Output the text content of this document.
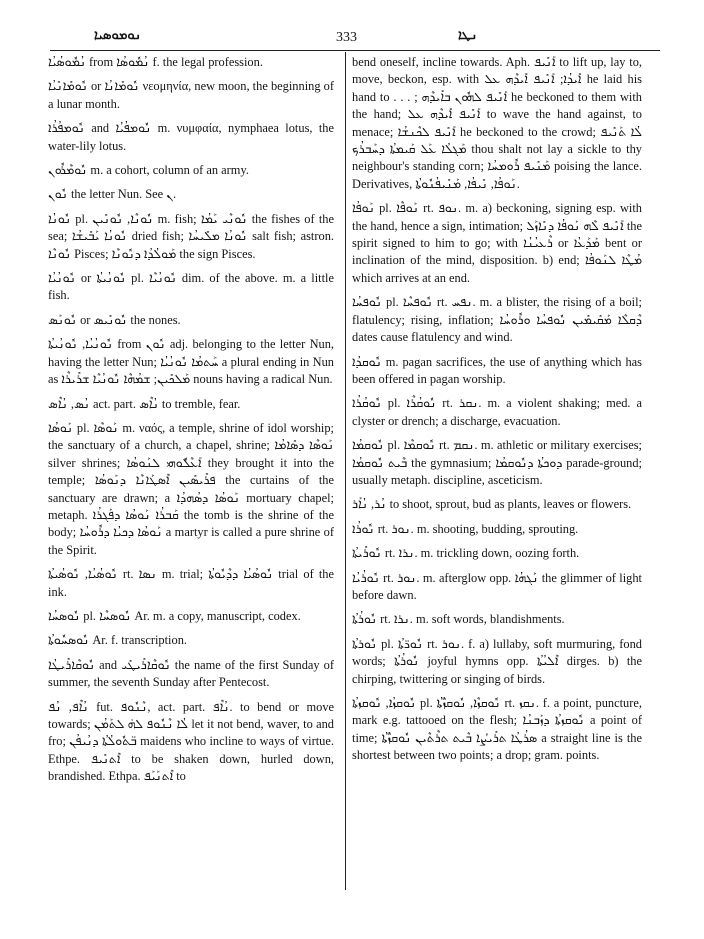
ܢܘܡܘܣܝܐ	333	ܢܛܐ

ܢܳܡܽܘܣܳܝܳܐ from ܢܳܡܽܘܣܳܐ f. the legal profession.

ܢܽܘܡܺܐܢܺܝܳܐ or ܢܽܘܡܺܐܢܳܐ νεομηνία, new moon, the beginning of a lunar month.

ܢܽܘܡܦܳܪܳܐ and ܢܽܘܡܦܳܝܳܐ m. νυμφαία, nymphaea lotus, the water-lily lotus.

ܢܽܘܡܶܪܽܘܢ m. a cohort, column of an army.

ܢܽܘܢ the letter Nun. See ܢ.

ܢܽܘܢܳܐ pl. ܢܽܘܢܶܐ, ܢܽܘܢܺܝܢ m. fish; ܢܽܘܢܶܝ ܝܰܡܳܐ the fishes of the sea; ܢܽܘܢܳܐ ܝܰܒܺܝܫܳܐ dried fish; ܢܽܘܢܳܐ ܡܠܺܝܚܳܐ salt fish; astron. ܢܽܘܢܶܐ Pisces; ܡܰܘܠܳܕܳܐ ܕܢܽܘܢܶܐ the sign Pisces.

ܢܽܘܢܳܝܳܐ or ܢܽܘܢܳܝܬܳܐ pl. ܢܽܘܢܳܝܶܐ dim. of the above. m. a little fish.

ܢܽܘܢܰܣ or ܢܽܘܢܺܝܣ the nones.

ܢܽܘܢܳܝܳܐ, ܢܽܘܢܳܝܬܳܐ from ܢܽܘܢ adj. belonging to the letter Nun, having the letter Nun; ܚܰܬܡܳܐ ܢܽܘܢܳܝܳܐ a plural ending in Nun as ܡܰܠܟܺܝܢ; ܫܡܳܗܶܐ ܢܽܘܢܳܝܶܐ ܫܪܺܝܪܶܐ nouns having a radical Nun.

ܢܳܣ, ܢܳܐܶܣ act. part. ܢܳܐܶܣ to tremble, fear.

ܢܰܘܣܳܐ pl. ܢܰܘܣܶܐ m. ναός, a temple, shrine of idol worship; the sanctuary of a church, a chapel, shrine; ܢܰܘܣܶܐ ܕܣܺܐܡܳܐ silver shrines; ܐܰܥܶܠܽܘܗܝ ܠܢܰܘܣܳܐ they brought it into the temple; ܦܪܺܝܣܺܝܢ ܐܶܣܛܰܐܢܶܐ ܕܢܰܘܣܳܐ the curtains of the sanctuary are drawn; a ܢܰܘܣܳܐ ܕܣܳܗܕܳܐ mortuary chapel; metaph. ܩܰܒܪܳܐ ܢܰܘܣܳܐ ܕܦܰܓܪܳܐ the tomb is the shrine of the body; ܢܰܘܣܳܐ ܕܟܝܳܐ ܕܪܽܘܚܳܐ a martyr is called a pure shrine of the Spirit.

ܢܽܘܣܳܝܳܐ, ܢܽܘܣܳܝܬܳܐ rt. ܢܣܐ m. trial; ܢܽܘܣܳܝܳܐ ܕܕܶܝܽܘܬܳܐ trial of the ink.

ܢܽܘܣܚܳܐ pl. ܢܽܘܣܚܶܐ Ar. m. a copy, manuscript, codex.

ܢܽܘܣܚܽܘܬܳܐ Ar. f. transcription.

ܢܽܘܩܶܐܪܺܝܛܳܐ and ܢܽܘܩܶܐܪܺܝܛܺܝ the name of the first Sunday of summer, the seventh Sunday after Pentecost.

ܢܳܐܶܦ, ܢܳܦ fut. ܢܶܢܽܘܦ, act. part. ܢܳܐܶܦ. to bend or move towards; ܠܳܐ ܢܶܢܽܘܦ ܠܗ̇ ܠܬܰܡܳܢ let it not bend, waver, to and fro; ܒ̈ܬܽܘܠܳܬܳܐ ܕܢܳܝܦܳܢ maidens who incline to ways of virtue. Ethpe. ܐܶܬܢܺܝܦ to be shaken down, hurled down, brandished. Ethpa. ܐܶܬܢܰܝܰܦ to

bend oneself, incline towards. Aph. ܐܰܢܺܝܦ to lift up, lay to, move, beckon, esp. with ܐܺܝܕܳܐ; ܐܰܢܺܝܦ ܐܺܝܕܶܗ ܥܠ he laid his hand to . . . ; ܐܰܢܺܝܦ ܠܗܽܘܢ ܒܐܺܝܕܶܗ he beckoned to them with the hand; ܐܰܢܺܝܦ ܐܺܝܕܶܗ ܥܠ to wave the hand against, to menace; ܐܰܢܺܝܦ ܠܟܶܢܫܳܐ he beckoned to the crowd; ܠܳܐ ܬܰܢܺܝܦ ܡܰܓܠܳܐ ܥܰܠ ܩܰܝܡܬܳܐ ܕܚܰܒܪܳܟ thou shalt not lay a sickle to thy neighbour's standing corn; ܡܰܢܺܝܦ ܪܽܘܡܚܳܐ poising the lance. Derivatives, ܢܰܘܦܳܐ, ܢܺܝܦܳܐ, ܡܰܢܺܝܦܳܢܽܘܬܳܐ.

ܢܰܘܦܳܐ pl. ܢܰܘܦܶܐ rt. ܢܘܦ. m. a) beckoning, signing esp. with the hand, hence a sign, intimation; ܐܰܢܺܝܦ ܠܶܗ ܢܰܘܦܳܐ ܕܢܺܐܙܰܠ the spirit signed to him to go; with ܪܶܥܝܳܢܳܐ or ܡܰܕܰܥܳܐ bent or inclination of the mind, disposition. b) end; ܡܳܛܶܐ ܠܢܰܘܦܳܐ which arrives at an end.

ܢܽܘܦܚܳܐ pl. ܢܽܘܦܚܶܐ rt. ܢܦܚ. m. a blister, the rising of a boil; flatulency; rising, inflation; ܕܶܩܠܶܐ ܡܰܩܺܝܡܺܝܢ ܢܽܘܦܚܳܐ ܘܪܽܘܚܳܐ dates cause flatulency and wind.

ܢܽܘܩܕܳܐ m. pagan sacrifices, the use of anything which has been offered in pagan worship.

ܢܽܘܩܳܪܳܐ pl. ܢܽܘܩܳܪܶܐ rt. ܢܩܪ. m. a violent shaking; med. a clyster or drench; a discharge, evacuation.

ܢܽܘܩܡܳܐ pl. ܢܽܘܩܡܶܐ rt. ܢܩܡ. m. athletic or military exercises; ܒܶܝܬ ܢܽܘܩܡܳܐ the gymnasium; ܕܘܟܬܳܐ ܕܢܽܘܩܡܳܐ parade-ground; usually metaph. discipline, asceticism.

ܢܳܪ, ܢܳܐܰܪ to shoot, sprout, bud as plants, leaves or flowers.

ܢܽܘܪܳܐ rt. ܢܘܪ. m. shooting, budding, sprouting.

ܢܽܘܪܺܝܬܳܐ rt. ܢܪܐ. m. trickling down, oozing forth.

ܢܽܘܪܳܝܳܐ rt. ܢܘܪ. m. afterglow opp. ܢܰܓܗܳܐ the glimmer of light before dawn.

ܢܽܘܪܳܬܳܐ rt. ܢܪܐ. m. soft words, blandishments.

ܢܽܘܪܬܳܐ pl. ܢܽܘܪ̈ܬܳܐ rt. ܢܘܪ. f. a) lullaby, soft murmuring, fond words; ܢܽܘܪܳܬܳܐ joyful hymns opp. ܐܶܠܝܳܬܳܐ dirges. b) the chirping, twittering or singing of birds.

ܢܽܘܩܙܳܐ, ܢܽܘܩܙܬܳܐ pl. ܢܽܘܩܙܶܐ, ܢܽܘܩܙ̈ܳܬܳܐ rt. ܢܩܙ. f. a point, puncture, mark e.g. tattooed on the flesh; ܢܽܘܩܙܬܳܐ ܕܙܰܒܢܳܐ a point of time; ܣܪܳܛܳܐ ܬܪܺܝܨܳܐ ܒܶܝܬ ܬܪܶܬܶܝܢ ܢܽܘܩܙ̈ܳܬܳܐ a straight line is the shortest between two points; a drop; gram. points.
